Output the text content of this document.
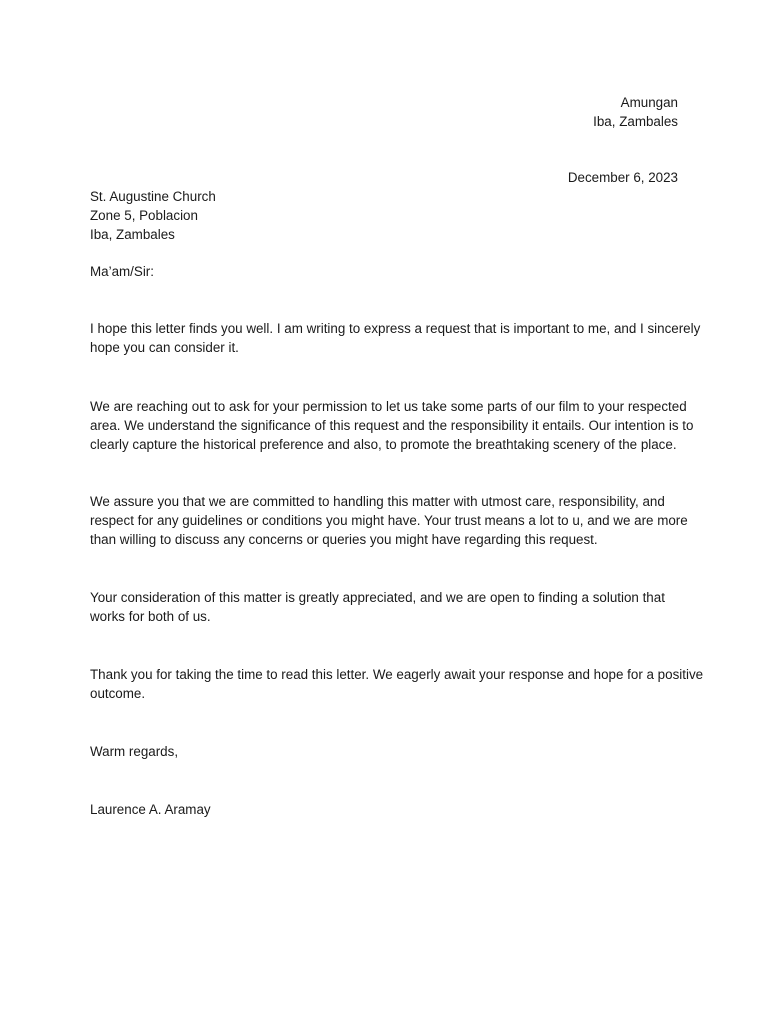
Amungan
Iba, Zambales
December 6, 2023
St. Augustine Church
Zone 5, Poblacion
Iba, Zambales
Ma’am/Sir:
I hope this letter finds you well. I am writing to express a request that is important to me, and I sincerely
hope you can consider it.
We are reaching out to ask for your permission to let us take some parts of our film to your respected
area. We understand the significance of this request and the responsibility it entails. Our intention is to
clearly capture the historical preference and also, to promote the breathtaking scenery of the place.
We assure you that we are committed to handling this matter with utmost care, responsibility, and
respect for any guidelines or conditions you might have. Your trust means a lot to u, and we are more
than willing to discuss any concerns or queries you might have regarding this request.
Your consideration of this matter is greatly appreciated, and we are open to finding a solution that
works for both of us.
Thank you for taking the time to read this letter. We eagerly await your response and hope for a positive
outcome.
Warm regards,
Laurence A. Aramay
